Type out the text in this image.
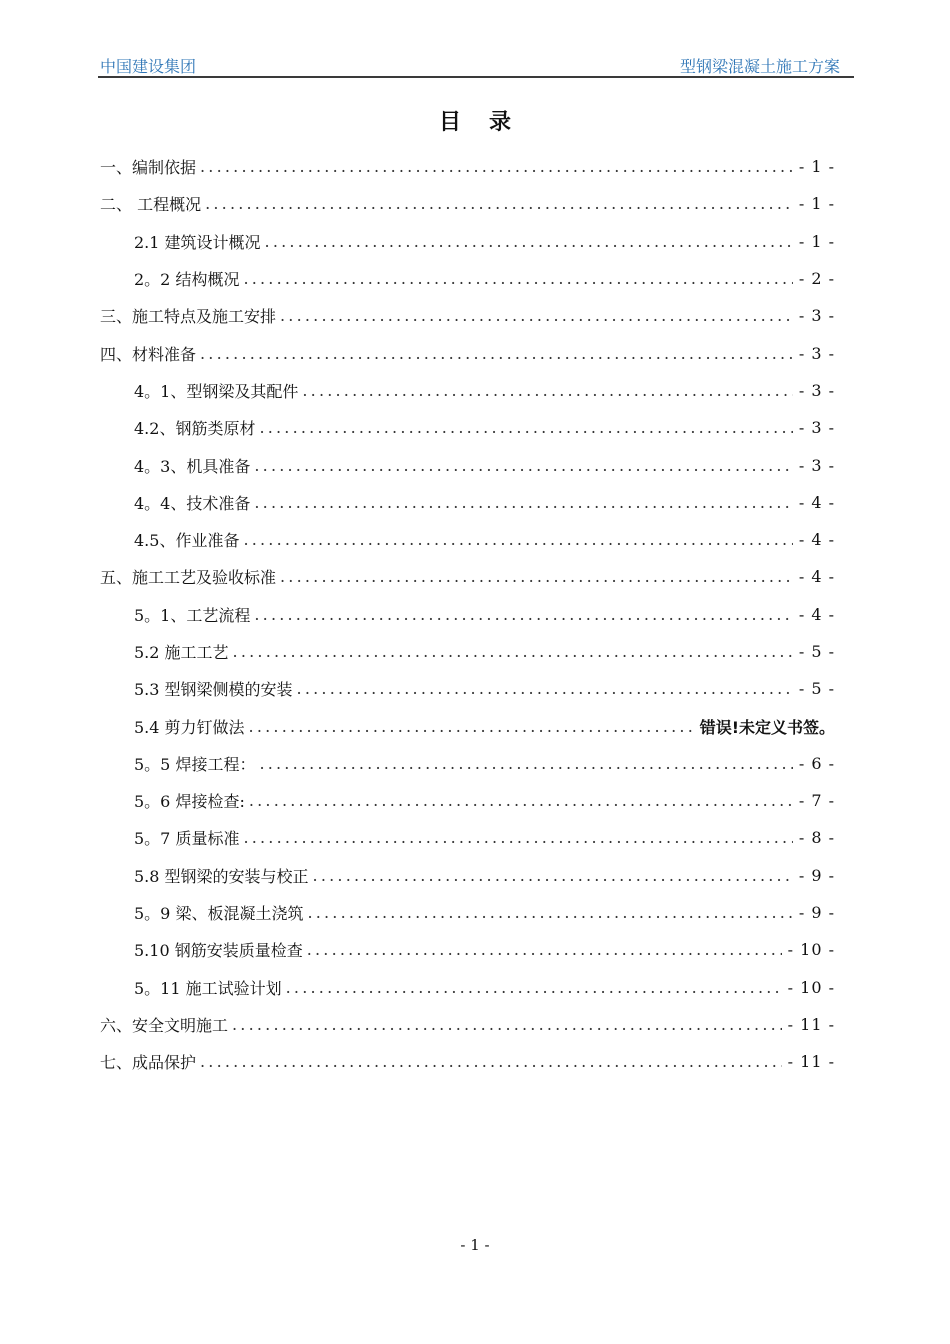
中国建设集团	型钢梁混凝土施工方案
目录
一、编制依据 .....	- 1 -
二、 工程概况 .....	- 1 -
2.1 建筑设计概况 .....	- 1 -
2。2 结构概况 .....	- 2 -
三、施工特点及施工安排 .....	- 3 -
四、材料准备 .....	- 3 -
4。1、型钢梁及其配件 .....	- 3 -
4.2、钢筋类原材 .....	- 3 -
4。3、机具准备 .....	- 3 -
4。4、技术准备 .....	- 4 -
4.5、作业准备 .....	- 4 -
五、施工工艺及验收标准 .....	- 4 -
5。1、工艺流程 .....	- 4 -
5.2 施工工艺 .....	- 5 -
5.3 型钢梁侧模的安装 .....	- 5 -
5.4 剪力钉做法 .....	错误!未定义书签。
5。5 焊接工程： .....	- 6 -
5。6 焊接检查: .....	- 7 -
5。7 质量标准 .....	- 8 -
5.8 型钢梁的安装与校正 .....	- 9 -
5。9 梁、板混凝土浇筑 .....	- 9 -
5.10 钢筋安装质量检查 .....	- 10 -
5。11 施工试验计划 .....	- 10 -
六、安全文明施工 .....	- 11 -
七、成品保护 .....	- 11 -
- 1 -
